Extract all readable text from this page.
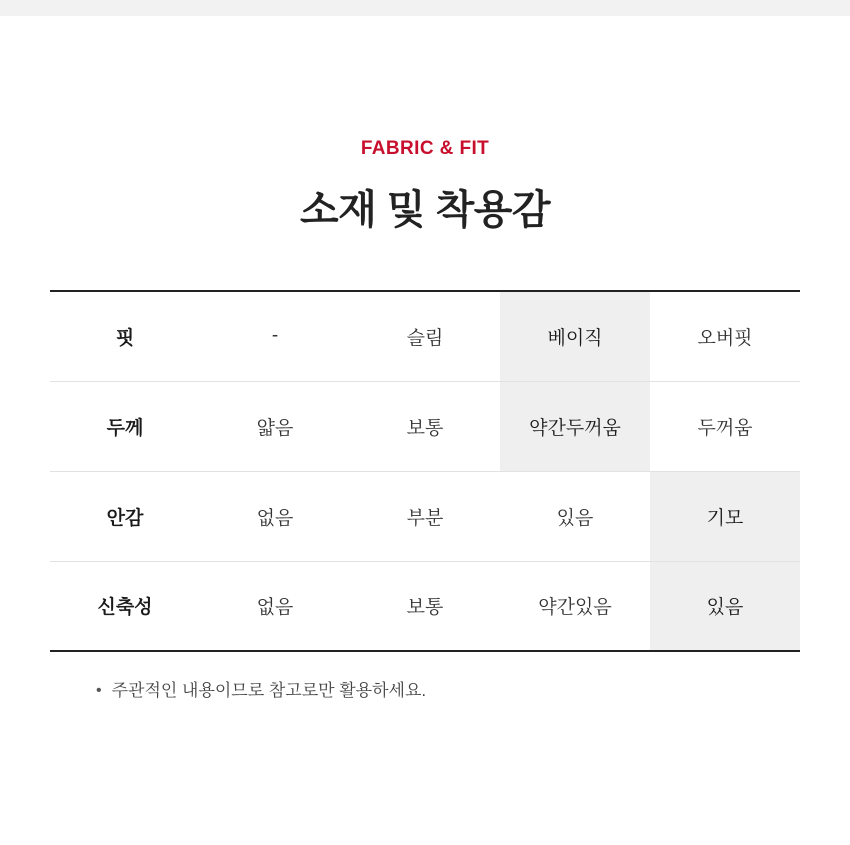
FABRIC & FIT

소재 및 착용감
핏	-	슬림	베이직	오버핏
두께	얇음	보통	약간두꺼움	두꺼움
안감	없음	부분	있음	기모
신축성	없음	보통	약간있음	있음
• 주관적인 내용이므로 참고로만 활용하세요.
